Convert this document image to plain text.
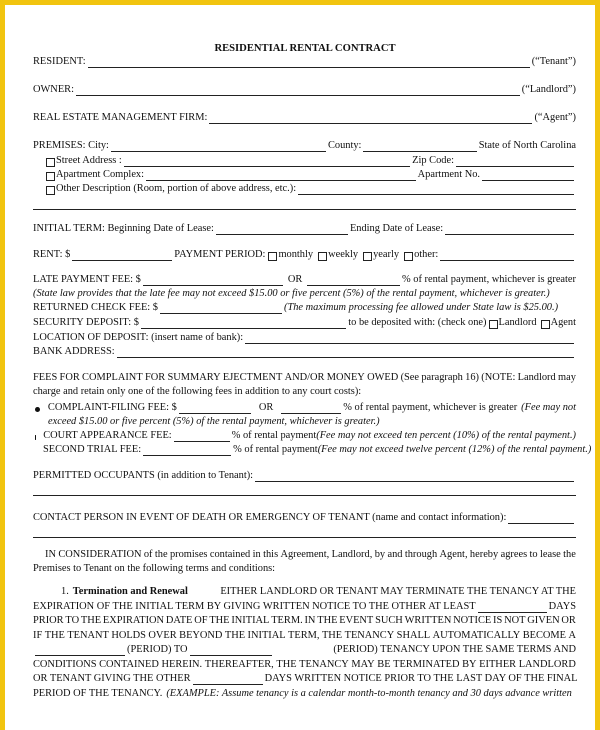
RESIDENTIAL RENTAL CONTRACT
RESIDENT:	(“Tenant”)
OWNER:	(“Landlord”)
REAL ESTATE MANAGEMENT FIRM:	(“Agent”)
PREMISES: City:	County:	State of North Carolina
Street Address :	Zip Code:
Apartment Complex:	Apartment No.
Other Description (Room, portion of above address, etc.):
INITIAL TERM: Beginning Date of Lease:	Ending Date of Lease:
RENT: $	PAYMENT PERIOD: monthly weekly yearly other:
LATE PAYMENT FEE: $	OR	% of rental payment, whichever is greater
(State law provides that the late fee may not exceed $15.00 or five percent (5%) of the rental payment, whichever is greater.)
RETURNED CHECK FEE: $	(The maximum processing fee allowed under State law is $25.00.)
SECURITY DEPOSIT: $	to be deposited with: (check one) Landlord Agent
LOCATION OF DEPOSIT: (insert name of bank):
BANK ADDRESS:
FEES FOR COMPLAINT FOR SUMMARY EJECTMENT AND/OR MONEY OWED (See paragraph 16) (NOTE: Landlord may
charge and retain only one of the following fees in addition to any court costs):
COMPLAINT-FILING FEE: $	OR	% of rental payment, whichever is greater (Fee may not
exceed $15.00 or five percent (5%) of the rental payment, whichever is greater.)
COURT APPEARANCE FEE:	% of rental payment (Fee may not exceed ten percent (10%) of the rental payment.)
SECOND TRIAL FEE:	% of rental payment (Fee may not exceed twelve percent (12%) of the rental payment.)
PERMITTED OCCUPANTS (in addition to Tenant):
CONTACT PERSON IN EVENT OF DEATH OR EMERGENCY OF TENANT (name and contact information):
IN CONSIDERATION of the promises contained in this Agreement, Landlord, by and through Agent, hereby agrees to lease the
Premises to Tenant on the following terms and conditions:
1. Termination and Renewal	EITHER LANDLORD OR TENANT MAY TERMINATE THE TENANCY AT THE
EXPIRATION OF THE INITIAL TERM BY GIVING WRITTEN NOTICE TO THE OTHER AT LEAST	DAYS
PRIOR TO THE EXPIRATION DATE OF THE INITIAL TERM. IN THE EVENT SUCH WRITTEN NOTICE IS NOT GIVEN OR
IF THE TENANT HOLDS OVER BEYOND THE INITIAL TERM, THE TENANCY SHALL AUTOMATICALLY BECOME A
(PERIOD) TO	(PERIOD) TENANCY UPON THE SAME TERMS AND
CONDITIONS CONTAINED HEREIN. THEREAFTER, THE TENANCY MAY BE TERMINATED BY EITHER LANDLORD
OR TENANT GIVING THE OTHER	DAYS WRITTEN NOTICE PRIOR TO THE LAST DAY OF THE FINAL
PERIOD OF THE TENANCY. (EXAMPLE: Assume tenancy is a calendar month-to-month tenancy and 30 days advance written
